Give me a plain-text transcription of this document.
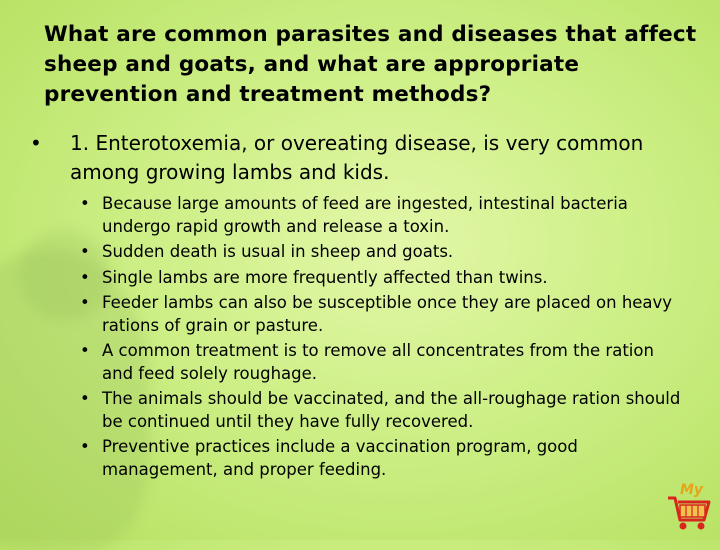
What are common parasites and diseases that affect sheep and goats, and what are appropriate prevention and treatment methods?
• 1. Enterotoxemia, or overeating disease, is very common among growing lambs and kids.
• Because large amounts of feed are ingested, intestinal bacteria undergo rapid growth and release a toxin.
• Sudden death is usual in sheep and goats.
• Single lambs are more frequently affected than twins.
• Feeder lambs can also be susceptible once they are placed on heavy rations of grain or pasture.
• A common treatment is to remove all concentrates from the ration and feed solely roughage.
• The animals should be vaccinated, and the all-roughage ration should be continued until they have fully recovered.
• Preventive practices include a vaccination program, good management, and proper feeding.
My
